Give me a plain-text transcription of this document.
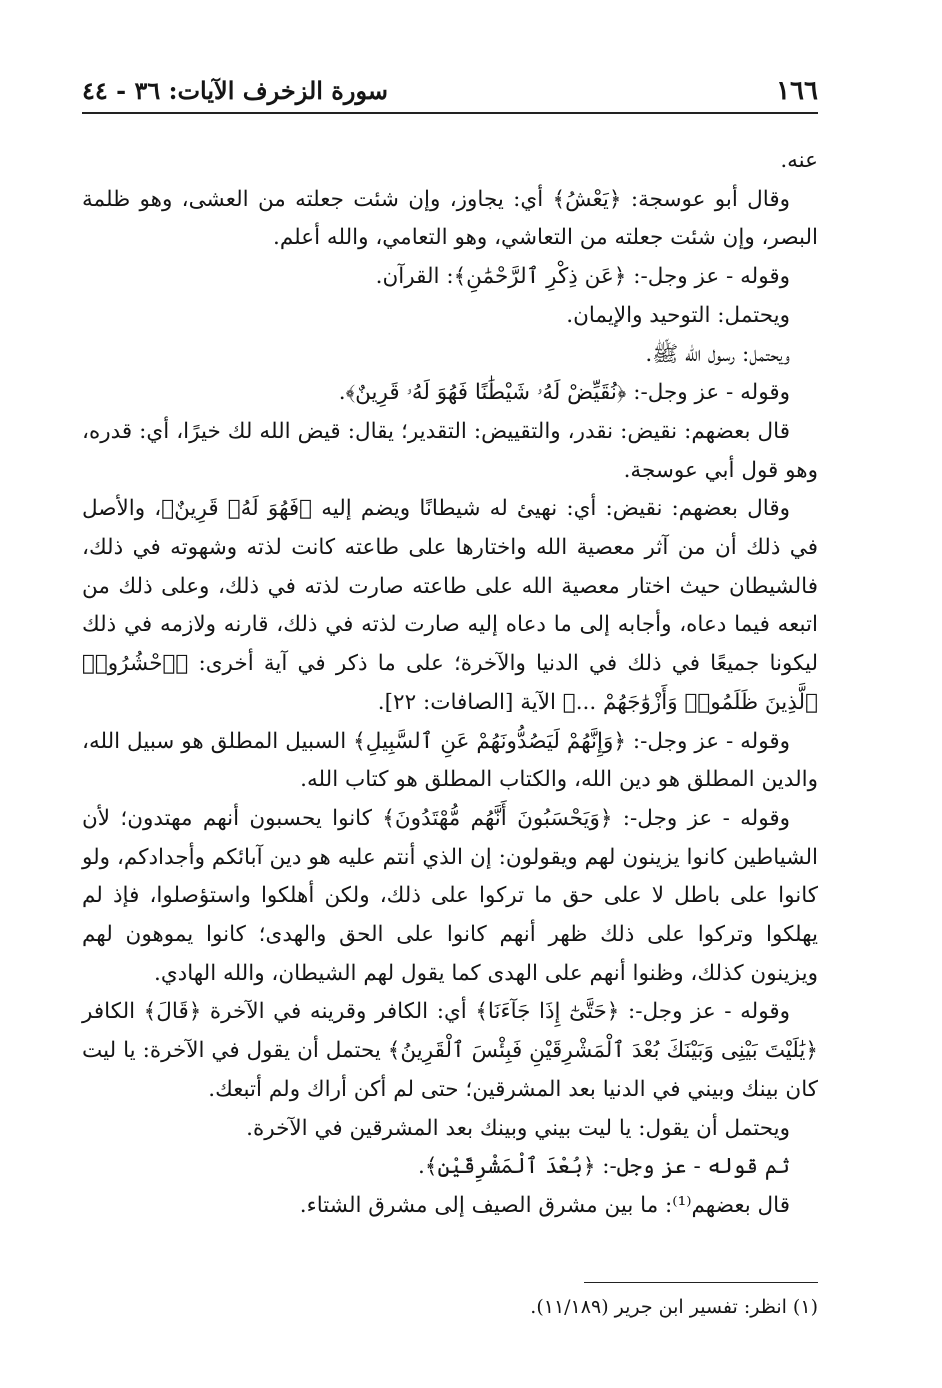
١٦٦
سورة الزخرف الآيات: ٣٦ - ٤٤

عنه.

وقال أبو عوسجة: ﴿يَعْشُ﴾ أي: يجاوز، وإن شئت جعلته من العشى، وهو ظلمة البصر، وإن شئت جعلته من التعاشي، وهو التعامي، والله أعلم.

وقوله - عز وجل-: ﴿عَن ذِكْرِ ٱلرَّحْمَٰنِ﴾: القرآن.

ويحتمل: التوحيد والإيمان.

ويحتمل: رسول الله ﷺ.

وقوله - عز وجل-: ﴿نُقَيِّضْ لَهُۥ شَيْطَٰنًا فَهُوَ لَهُۥ قَرِينٌ﴾.

قال بعضهم: نقيض: نقدر، والتقييض: التقدير؛ يقال: قيض الله لك خيرًا، أي: قدره، وهو قول أبي عوسجة.

وقال بعضهم: نقيض: أي: نهيئ له شيطانًا ويضم إليه ﴿فَهُوَ لَهُۥ قَرِينٌ﴾، والأصل في ذلك أن من آثر معصية الله واختارها على طاعته كانت لذته وشهوته في ذلك، فالشيطان حيث اختار معصية الله على طاعته صارت لذته في ذلك، وعلى ذلك من اتبعه فيما دعاه، وأجابه إلى ما دعاه إليه صارت لذته في ذلك، قارنه ولازمه في ذلك ليكونا جميعًا في ذلك في الدنيا والآخرة؛ على ما ذكر في آية أخرى: ﴿ٱحْشُرُوا۟ ٱلَّذِينَ ظَلَمُوا۟ وَأَزْوَٰجَهُمْ ...﴾ الآية [الصافات: ٢٢].

وقوله - عز وجل-: ﴿وَإِنَّهُمْ لَيَصُدُّونَهُمْ عَنِ ٱلسَّبِيلِ﴾ السبيل المطلق هو سبيل الله، والدين المطلق هو دين الله، والكتاب المطلق هو كتاب الله.

وقوله - عز وجل-: ﴿وَيَحْسَبُونَ أَنَّهُم مُّهْتَدُونَ﴾ كانوا يحسبون أنهم مهتدون؛ لأن الشياطين كانوا يزينون لهم ويقولون: إن الذي أنتم عليه هو دين آبائكم وأجدادكم، ولو كانوا على باطل لا على حق ما تركوا على ذلك، ولكن أهلكوا واستؤصلوا، فإذ لم يهلكوا وتركوا على ذلك ظهر أنهم كانوا على الحق والهدى؛ كانوا يموهون لهم ويزينون كذلك، وظنوا أنهم على الهدى كما يقول لهم الشيطان، والله الهادي.

وقوله - عز وجل-: ﴿حَتَّىٰٓ إِذَا جَآءَنَا﴾ أي: الكافر وقرينه في الآخرة ﴿قَالَ﴾ الكافر ﴿يَٰلَيْتَ بَيْنِى وَبَيْنَكَ بُعْدَ ٱلْمَشْرِقَيْنِ فَبِئْسَ ٱلْقَرِينُ﴾ يحتمل أن يقول في الآخرة: يا ليت كان بينك وبيني في الدنيا بعد المشرقين؛ حتى لم أكن أراك ولم أتبعك.

ويحتمل أن يقول: يا ليت بيني وبينك بعد المشرقين في الآخرة.

ثم قوله - عز وجل-: ﴿بُعْدَ ٱلْمَشْرِقَيْنِ﴾.

قال بعضهم⁽¹⁾: ما بين مشرق الصيف إلى مشرق الشتاء.

(١) انظر: تفسير ابن جرير (١١/١٨٩).
